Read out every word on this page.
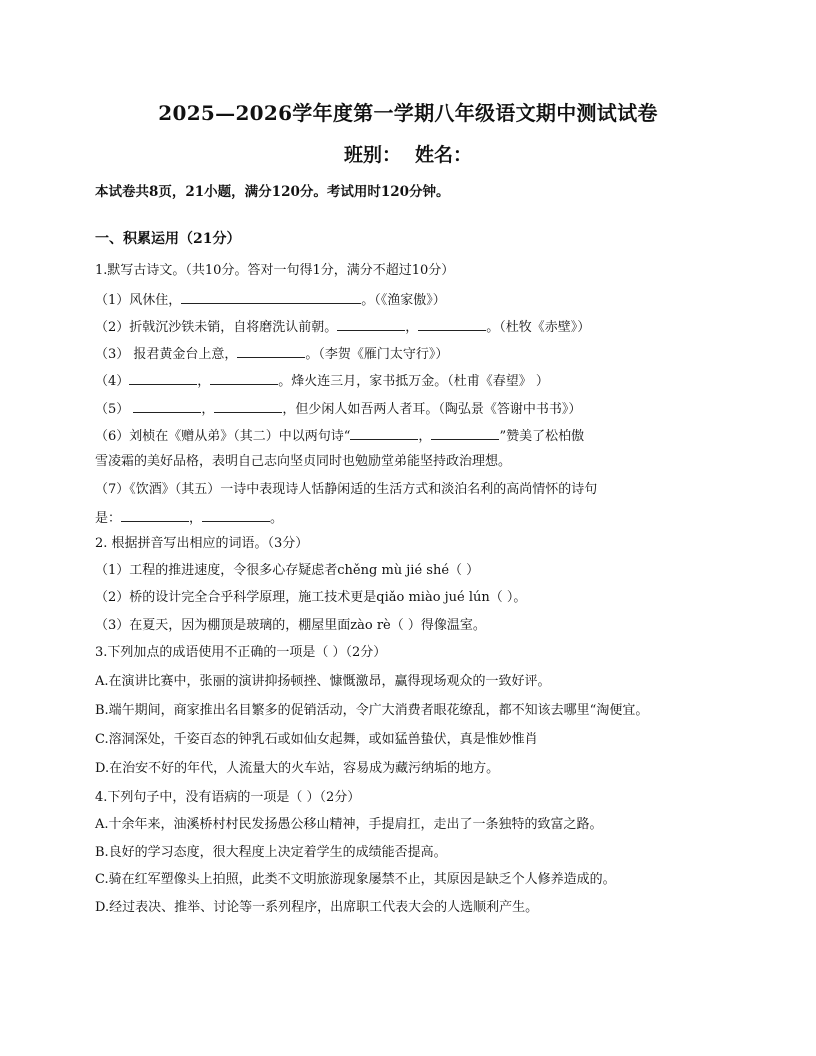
2025—2026学年度第一学期八年级语文期中测试试卷
班别： 姓名：
本试卷共8页，21小题，满分120分。考试用时120分钟。
一、积累运用（21分）
1.默写古诗文。（共10分。答对一句得1分，满分不超过10分）
（1）风休住，	。（《渔家傲》）
（2）折戟沉沙铁未销，自将磨洗认前朝。	，	。（杜牧《赤壁》）
（3） 报君黄金台上意，	。（李贺《雁门太守行》）
（4）	，	。烽火连三月，家书抵万金。（杜甫《春望》 ）
（5）	，	，但少闲人如吾两人者耳。（陶弘景《答谢中书书》）
（6）刘桢在《赠从弟》（其二）中以两句诗“	，	”赞美了松柏傲
雪凌霜的美好品格，表明自己志向坚贞同时也勉励堂弟能坚持政治理想。
（7）《饮酒》（其五）一诗中表现诗人恬静闲适的生活方式和淡泊名利的高尚情怀的诗句
是：	，	。
2. 根据拼音写出相应的词语。（3分）
（1）工程的推进速度，令很多心存疑虑者chěng mù jié shé（ ）
（2）桥的设计完全合乎科学原理，施工技术更是qiǎo miào jué lún（ ）。
（3）在夏天，因为棚顶是玻璃的，棚屋里面zào rè（ ）得像温室。
3.下列加点的成语使用不正确的一项是（ ）（2分）
A.在演讲比赛中，张丽的演讲抑扬顿挫、慷慨激昂，赢得现场观众的一致好评。
B.端午期间，商家推出名目繁多的促销活动，令广大消费者眼花缭乱，都不知该去哪里“淘便宜。
C.溶洞深处，千姿百态的钟乳石或如仙女起舞，或如猛兽蛰伏，真是惟妙惟肖
D.在治安不好的年代，人流量大的火车站，容易成为藏污纳垢的地方。
4.下列句子中，没有语病的一项是（ ）（2分）
A.十余年来，油溪桥村村民发扬愚公移山精神，手提肩扛，走出了一条独特的致富之路。
B.良好的学习态度，很大程度上决定着学生的成绩能否提高。
C.骑在红军塑像头上拍照，此类不文明旅游现象屡禁不止，其原因是缺乏个人修养造成的。
D.经过表决、推举、讨论等一系列程序，出席职工代表大会的人选顺利产生。
